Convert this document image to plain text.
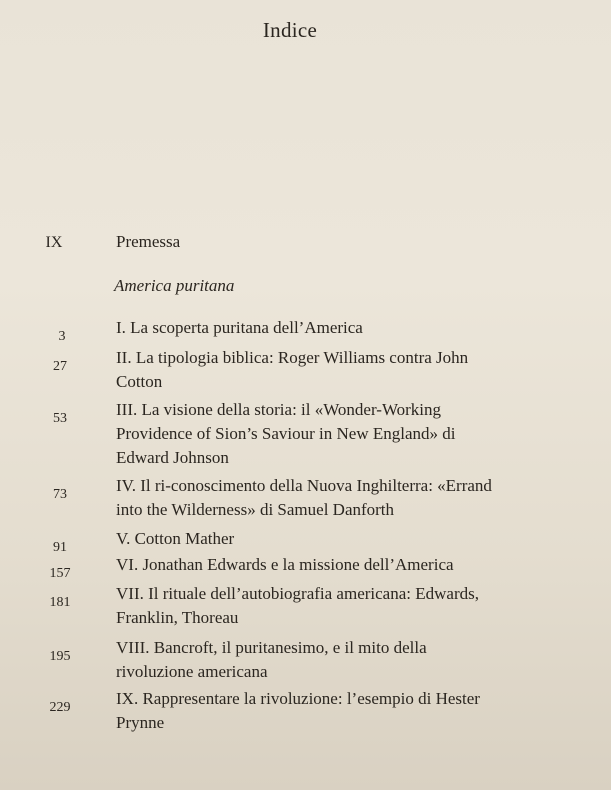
Indice
IX	Premessa
America puritana
3	I. La scoperta puritana dell’America
27	II. La tipologia biblica: Roger Williams contra John Cotton
53	III. La visione della storia: il «Wonder-Working Providence of Sion’s Saviour in New England» di Edward Johnson
73	IV. Il ri-conoscimento della Nuova Inghilterra: «Errand into the Wilderness» di Samuel Danforth
91	V. Cotton Mather
157	VI. Jonathan Edwards e la missione dell’America
181	VII. Il rituale dell’autobiografia americana: Edwards, Franklin, Thoreau
195	VIII. Bancroft, il puritanesimo, e il mito della rivoluzione americana
229	IX. Rappresentare la rivoluzione: l’esempio di Hester Prynne
